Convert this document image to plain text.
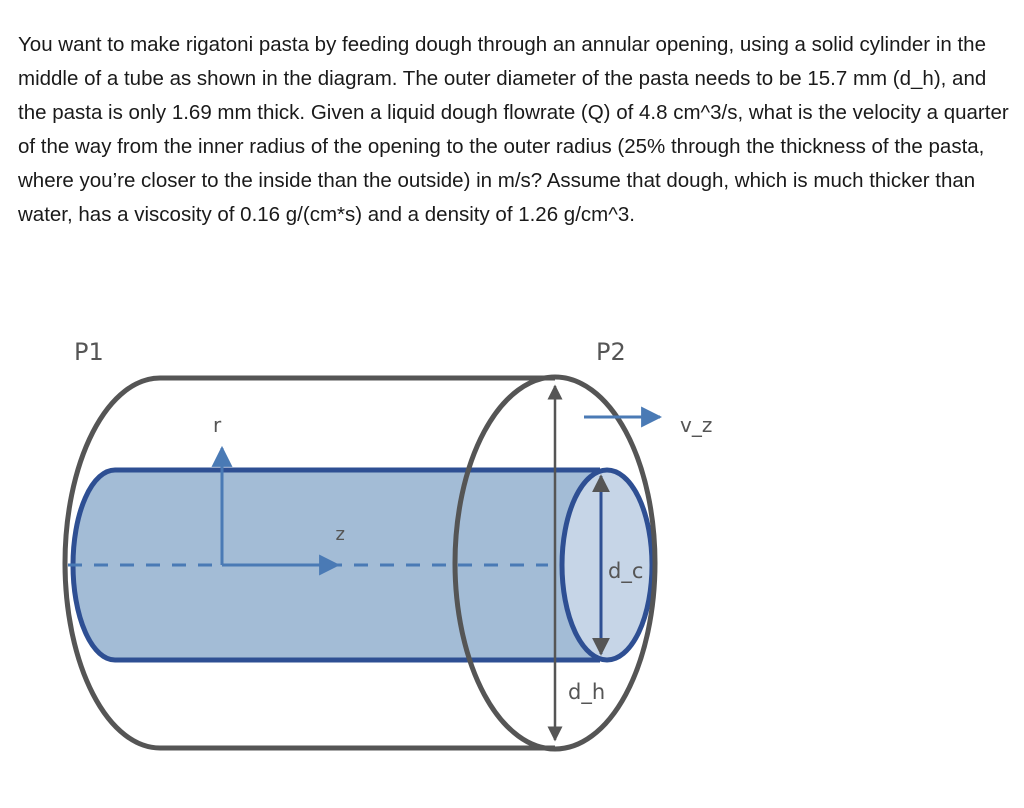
You want to make rigatoni pasta by feeding dough through an annular opening, using a solid cylinder in the middle of a tube as shown in the diagram. The outer diameter of the pasta needs to be 15.7 mm (d_h), and the pasta is only 1.69 mm thick. Given a liquid dough flowrate (Q) of 4.8 cm^3/s, what is the velocity a quarter of the way from the inner radius of the opening to the outer radius (25% through the thickness of the pasta, where you’re closer to the inside than the outside) in m/s? Assume that dough, which is much thicker than water, has a viscosity of 0.16 g/(cm*s) and a density of 1.26 g/cm^3.

P1	P2
r
z
v_z
d_c
d_h
